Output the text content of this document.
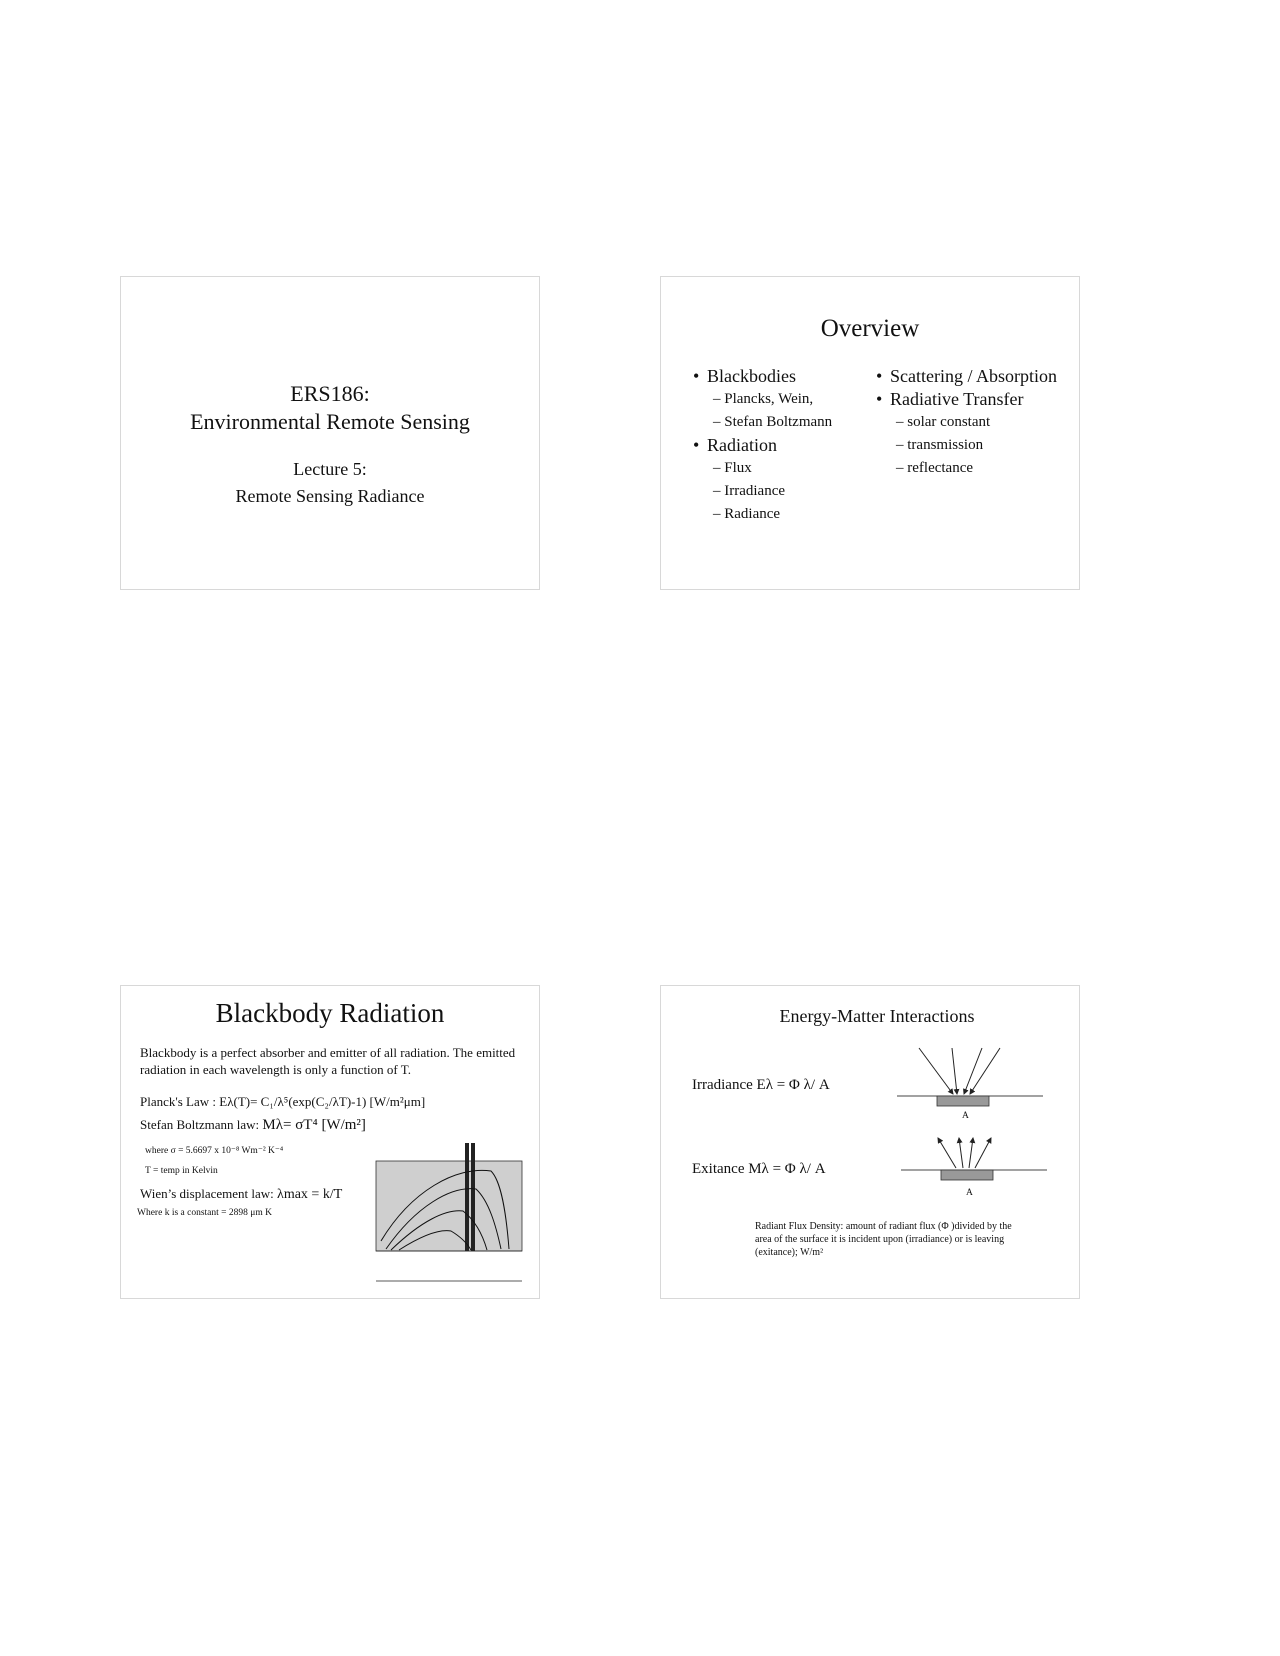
ERS186:
Environmental Remote Sensing
Lecture 5:
Remote Sensing Radiance
Overview
• Blackbodies
– Plancks, Wein,
– Stefan Boltzmann
• Radiation
– Flux
– Irradiance
– Radiance
• Scattering / Absorption
• Radiative Transfer
– solar constant
– transmission
– reflectance
Blackbody Radiation
Blackbody is a perfect absorber and emitter of all radiation. The emitted radiation in each wavelength is only a function of T.
Planck's Law : Eλ(T)= C₁/λ⁵(exp(C₂/λT)-1) [W/m²μm]
Stefan Boltzmann law: Mλ= σT⁴ [W/m²]
where σ = 5.6697 x 10⁻⁸ Wm⁻² K⁻⁴
T = temp in Kelvin
Wien’s displacement law: λmax = k/T
Where k is a constant = 2898 μm K
Energy-Matter Interactions
Irradiance Eλ = Φ λ/ A
Exitance Mλ = Φ λ/ A
A
A
Radiant Flux Density: amount of radiant flux (Φ )divided by the area of the surface it is incident upon (irradiance) or is leaving (exitance); W/m²
